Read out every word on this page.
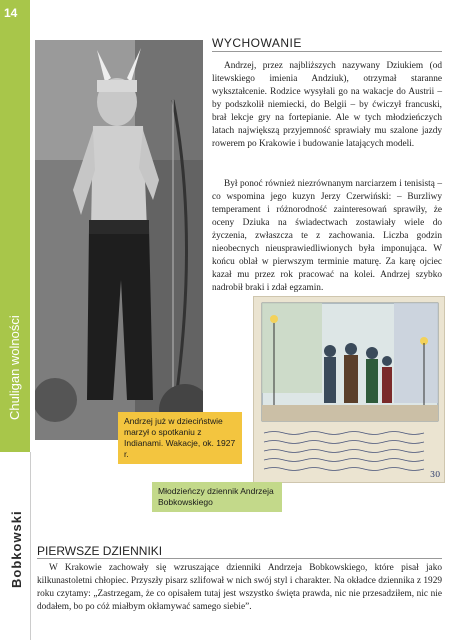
14
Chuligan wolności
Bobkowski
Andrzej już w dzieciństwie marzył o spotkaniu z Indianami. Wakacje, ok. 1927 r.
WYCHOWANIE

Andrzej, przez najbliższych nazywany Dziukiem (od litewskiego imienia Andziuk), otrzymał staranne wykształcenie. Rodzice wysyłali go na wakacje do Austrii – by podszkolił niemiecki, do Belgii – by ćwiczył francuski, brał lekcje gry na fortepianie. Ale w tych młodzieńczych latach największą przyjemność sprawiały mu szalone jazdy rowerem po Krakowie i budowanie latających modeli.

Był ponoć również niezrównanym narciarzem i tenisistą – co wspomina jego kuzyn Jerzy Czerwiński: – Burzliwy temperament i różnorodność zainteresowań sprawiły, że oceny Dziuka na świadectwach zostawiały wiele do życzenia, zwłaszcza te z zachowania. Liczba godzin nieobecnych nieusprawiedliwionych była imponująca. W końcu oblał w pierwszym terminie maturę. Za karę ojciec kazał mu przez rok pracować na kolei. Andrzej szybko nadrobił braki i zdał egzamin.

30
Młodzieńczy dziennik Andrzeja Bobkowskiego
PIERWSZE DZIENNIKI

W Krakowie zachowały się wzruszające dzienniki Andrzeja Bobkowskiego, które pisał jako kilkunastoletni chłopiec. Przyszły pisarz szlifował w nich swój styl i charakter. Na okładce dziennika z 1929 roku czytamy: „Zastrzegam, że co opisałem tutaj jest wszystko święta prawda, nic nie przesadziłem, nic nie dodałem, bo po cóż miałbym okłamywać samego siebie”.
